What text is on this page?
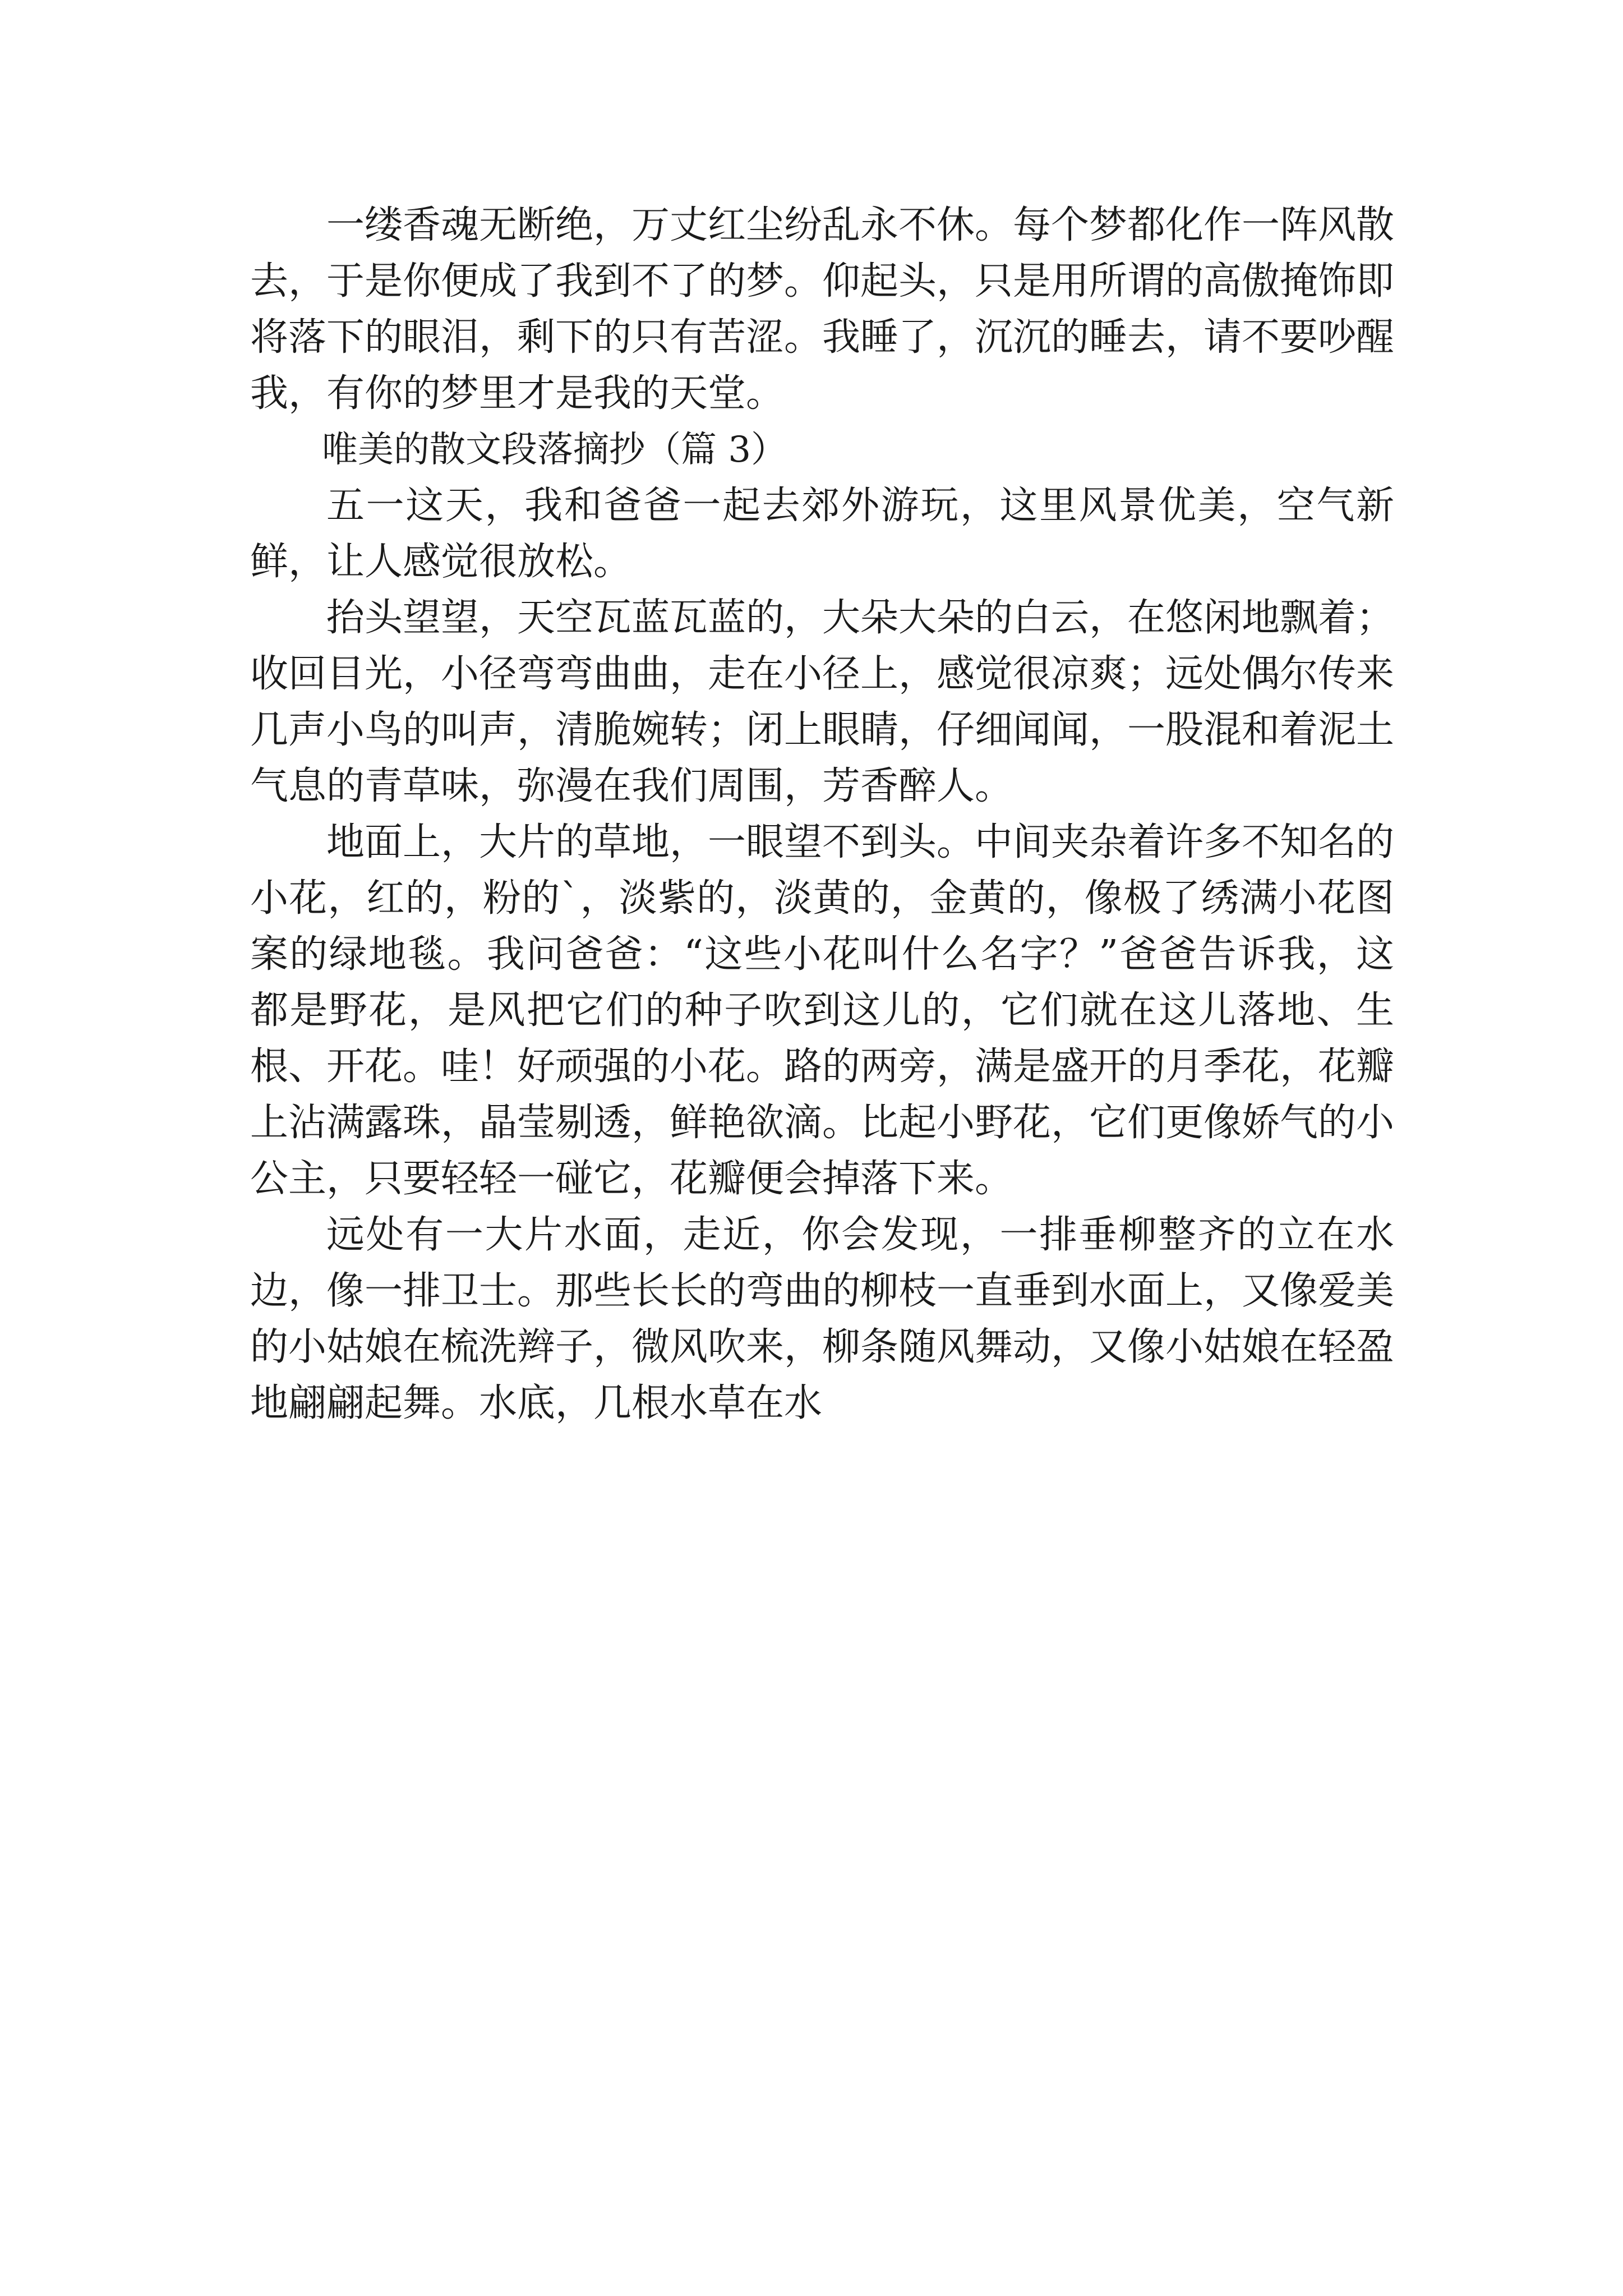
一缕香魂无断绝，万丈红尘纷乱永不休。每个梦都化作一阵风散去，于是你便成了我到不了的梦。仰起头，只是用所谓的高傲掩饰即将落下的眼泪，剩下的只有苦涩。我睡了，沉沉的睡去，请不要吵醒我，有你的梦里才是我的天堂。

唯美的散文段落摘抄（篇 3）

五一这天，我和爸爸一起去郊外游玩，这里风景优美，空气新鲜，让人感觉很放松。

抬头望望，天空瓦蓝瓦蓝的，大朵大朵的白云，在悠闲地飘着；收回目光，小径弯弯曲曲，走在小径上，感觉很凉爽；远处偶尔传来几声小鸟的叫声，清脆婉转；闭上眼睛，仔细闻闻，一股混和着泥土气息的青草味，弥漫在我们周围，芳香醉人。

地面上，大片的草地，一眼望不到头。中间夹杂着许多不知名的小花，红的，粉的`，淡紫的，淡黄的，金黄的，像极了绣满小花图案的绿地毯。我问爸爸：“这些小花叫什么名字？”爸爸告诉我，这都是野花，是风把它们的种子吹到这儿的，它们就在这儿落地、生根、开花。哇！好顽强的小花。路的两旁，满是盛开的月季花，花瓣上沾满露珠，晶莹剔透，鲜艳欲滴。比起小野花，它们更像娇气的小公主，只要轻轻一碰它，花瓣便会掉落下来。

远处有一大片水面，走近，你会发现，一排垂柳整齐的立在水边，像一排卫士。那些长长的弯曲的柳枝一直垂到水面上，又像爱美的小姑娘在梳洗辫子，微风吹来，柳条随风舞动，又像小姑娘在轻盈地翩翩起舞。水底，几根水草在水
